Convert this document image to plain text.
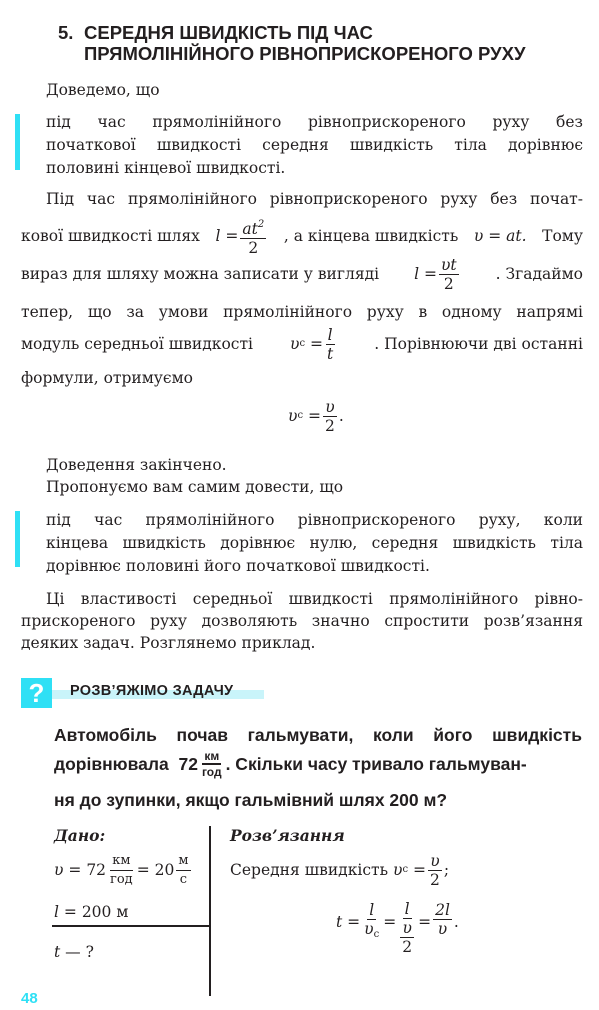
5. СЕРЕДНЯ ШВИДКІСТЬ ПІД ЧАС
ПРЯМОЛІНІЙНОГО РІВНОПРИСКОРЕНОГО РУХУ
Доведемо, що
під час прямолінійного рівноприскореного руху без
початкової швидкості середня швидкість тіла дорівнює
половині кінцевої швидкості.
Під час прямолінійного рівноприскореного руху без почат-
кової швидкості шлях l
= $\frac{at^2}{2}$ , а кінцева швидкість υ = at. Тому
вираз для шляху можна записати у вигляді l
= $\frac{\upsilon t}{2}$ . Згадаймо
тепер, що за умови прямолінійного руху в одному напрямі
модуль середньої швидкості υ с
= $\frac{l}{t}$	. Порівнюючи дві останні
формули, отримуємо
υ с
= $\frac{\upsilon}{2}$ .
Доведення закінчено.
Пропонуємо вам самим довести, що
під час прямолінійного рівноприскореного руху, коли
кінцева швидкість дорівнює нулю, середня швидкість тіла
дорівнює половині його початкової швидкості.
Ці властивості середньої швидкості прямолінійного рівно-
прискореного руху дозволяють значно спростити розв’язання
деяких задач. Розглянемо приклад.
?	РОЗВ’ЯЖІМО ЗАДАЧУ
Автомобіль почав гальмувати, коли його швидкість
дорівнювала
$72 \frac{км}{\text{год}}$ . Скільки часу тривало гальмуван-
ня до зупинки, якщо гальмівний шлях 200 м?
Дано:
υ
=
$72 \frac{км}{\text{год}}$ =
$20 \frac{м}{с}$
l = 200 м
t — ?
Розв’язання
Середня швидкість
υ с
= $\frac{\upsilon}{2}$ ;
t
= $\frac{l}{\upsilon_с} = \frac{l}{\frac{\upsilon}{2}} = \frac{2l}{\upsilon}$ .
48
